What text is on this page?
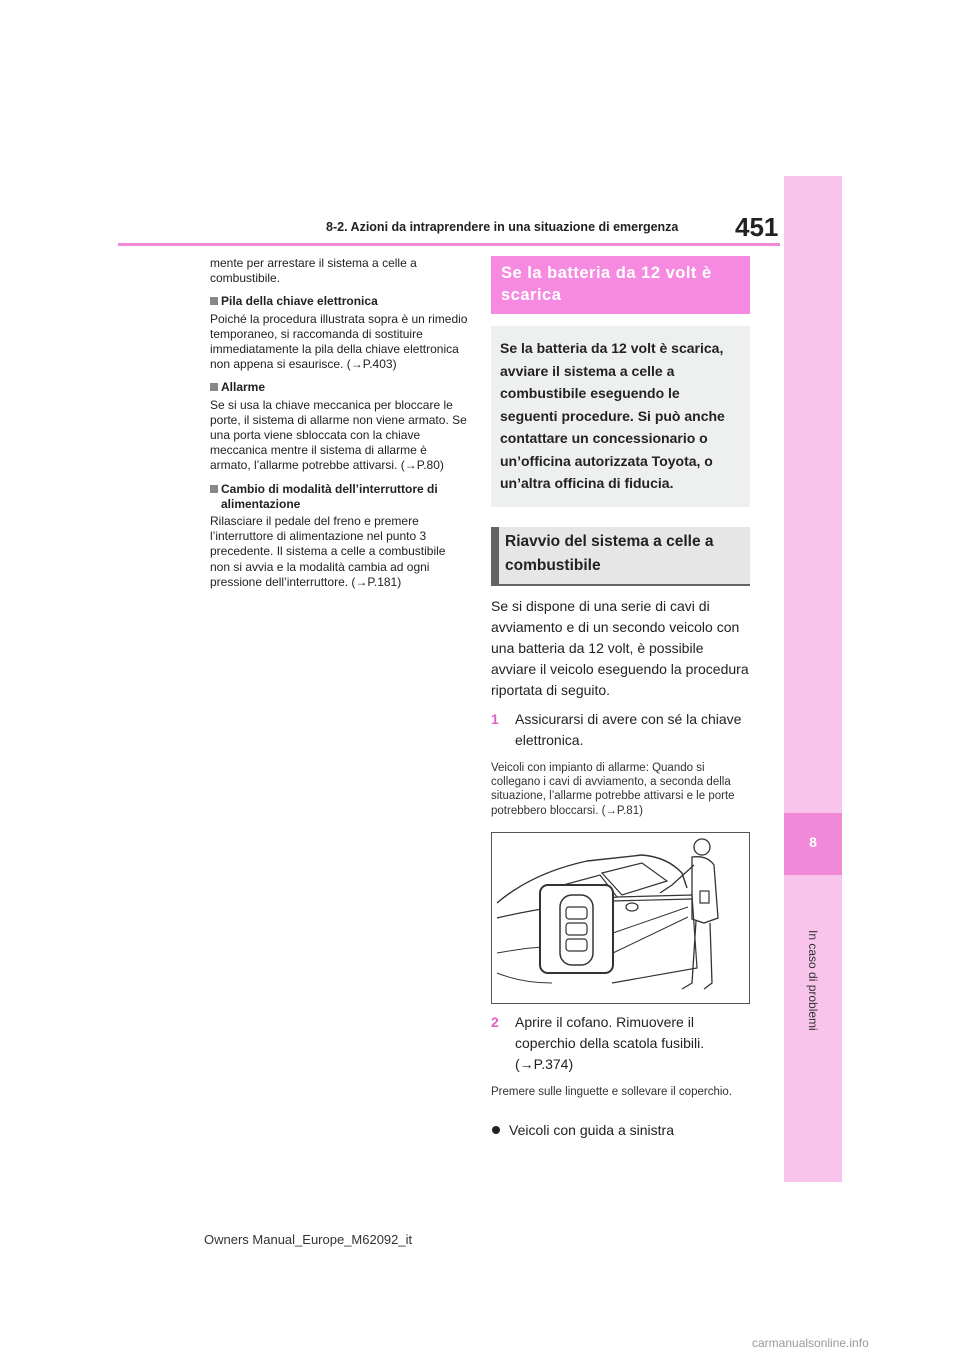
451
8-2. Azioni da intraprendere in una situazione di emergenza
8
In caso di problemi

mente per arrestare il sistema a celle a combustibile.

Pila della chiave elettronica

Poiché la procedura illustrata sopra è un rimedio temporaneo, si raccomanda di sostituire immediatamente la pila della chiave elettronica non appena si esaurisce. (→P.403)

Allarme

Se si usa la chiave meccanica per bloccare le porte, il sistema di allarme non viene armato. Se una porta viene sbloccata con la chiave meccanica mentre il sistema di allarme è armato, l’allarme potrebbe attivarsi. (→P.80)

Cambio di modalità dell’interruttore di alimentazione

Rilasciare il pedale del freno e premere l’interruttore di alimentazione nel punto 3 precedente. Il sistema a celle a combustibile non si avvia e la modalità cambia ad ogni pressione dell’interruttore. (→P.181)

Se la batteria da 12 volt è scarica
Se la batteria da 12 volt è scarica, avviare il sistema a celle a combustibile eseguendo le seguenti procedure. Si può anche contattare un concessionario o un’officina autorizzata Toyota, o un’altra officina di fiducia.
Riavvio del sistema a celle a combustibile
Se si dispone di una serie di cavi di avviamento e di un secondo veicolo con una batteria da 12 volt, è possibile avviare il veicolo eseguendo la procedura riportata di seguito.
1 Assicurarsi di avere con sé la chiave elettronica.
Veicoli con impianto di allarme: Quando si collegano i cavi di avviamento, a seconda della situazione, l’allarme potrebbe attivarsi e le porte potrebbero bloccarsi. (→P.81)
2 Aprire il cofano. Rimuovere il coperchio della scatola fusibili. (→P.374)
Premere sulle linguette e sollevare il coperchio.
Veicoli con guida a sinistra
Owners Manual_Europe_M62092_it
carmanualsonline.info
